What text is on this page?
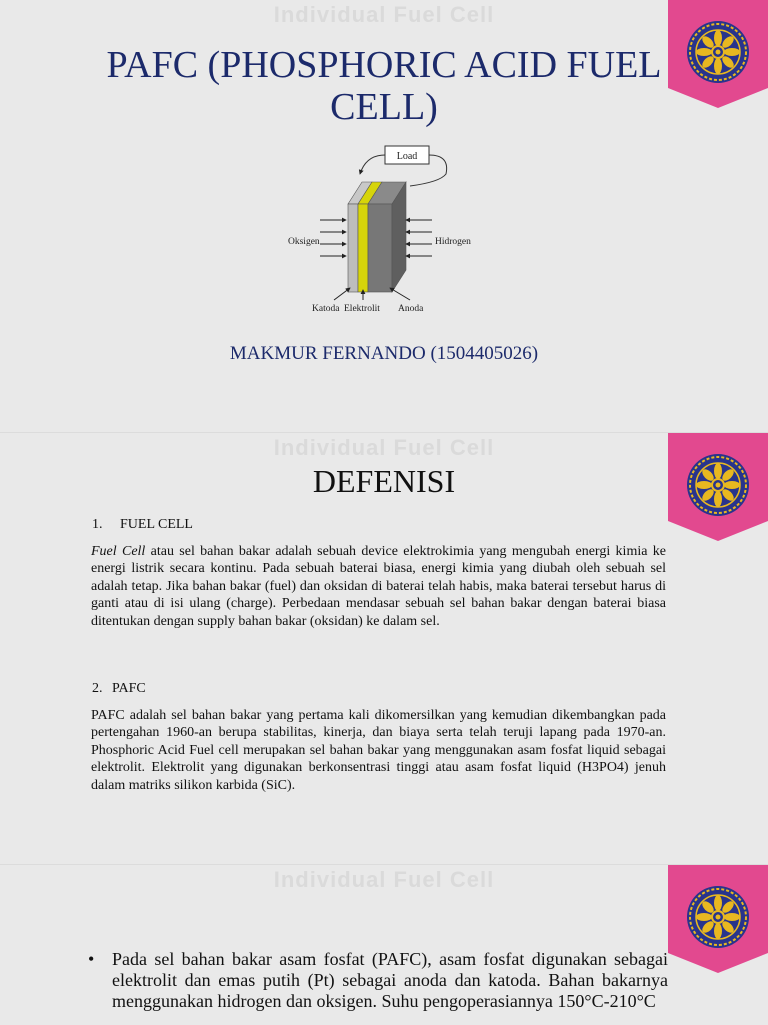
Individual Fuel Cell
PAFC (PHOSPHORIC ACID FUEL CELL)
Load
Oksigen	Hidrogen
Katoda Elektrolit Anoda
MAKMUR FERNANDO (1504405026)
Individual Fuel Cell
DEFENISI
1. FUEL CELL
Fuel Cell atau sel bahan bakar adalah sebuah device elektrokimia yang mengubah energi kimia ke energi listrik secara kontinu. Pada sebuah baterai biasa, energi kimia yang diubah oleh sebuah sel adalah tetap. Jika bahan bakar (fuel) dan oksidan di baterai telah habis, maka baterai tersebut harus di ganti atau di isi ulang (charge). Perbedaan mendasar sebuah sel bahan bakar dengan baterai biasa ditentukan dengan supply bahan bakar (oksidan) ke dalam sel.
2. PAFC
PAFC adalah sel bahan bakar yang pertama kali dikomersilkan yang kemudian dikembangkan pada pertengahan 1960-an berupa stabilitas, kinerja, dan biaya serta telah teruji lapang pada 1970-an. Phosphoric Acid Fuel cell merupakan sel bahan bakar yang menggunakan asam fosfat liquid sebagai elektrolit. Elektrolit yang digunakan berkonsentrasi tinggi atau asam fosfat liquid (H3PO4) jenuh dalam matriks silikon karbida (SiC).
Individual Fuel Cell
• Pada sel bahan bakar asam fosfat (PAFC), asam fosfat digunakan sebagai elektrolit dan emas putih (Pt) sebagai anoda dan katoda. Bahan bakarnya menggunakan hidrogen dan oksigen. Suhu pengoperasiannya 150°C-210°C
